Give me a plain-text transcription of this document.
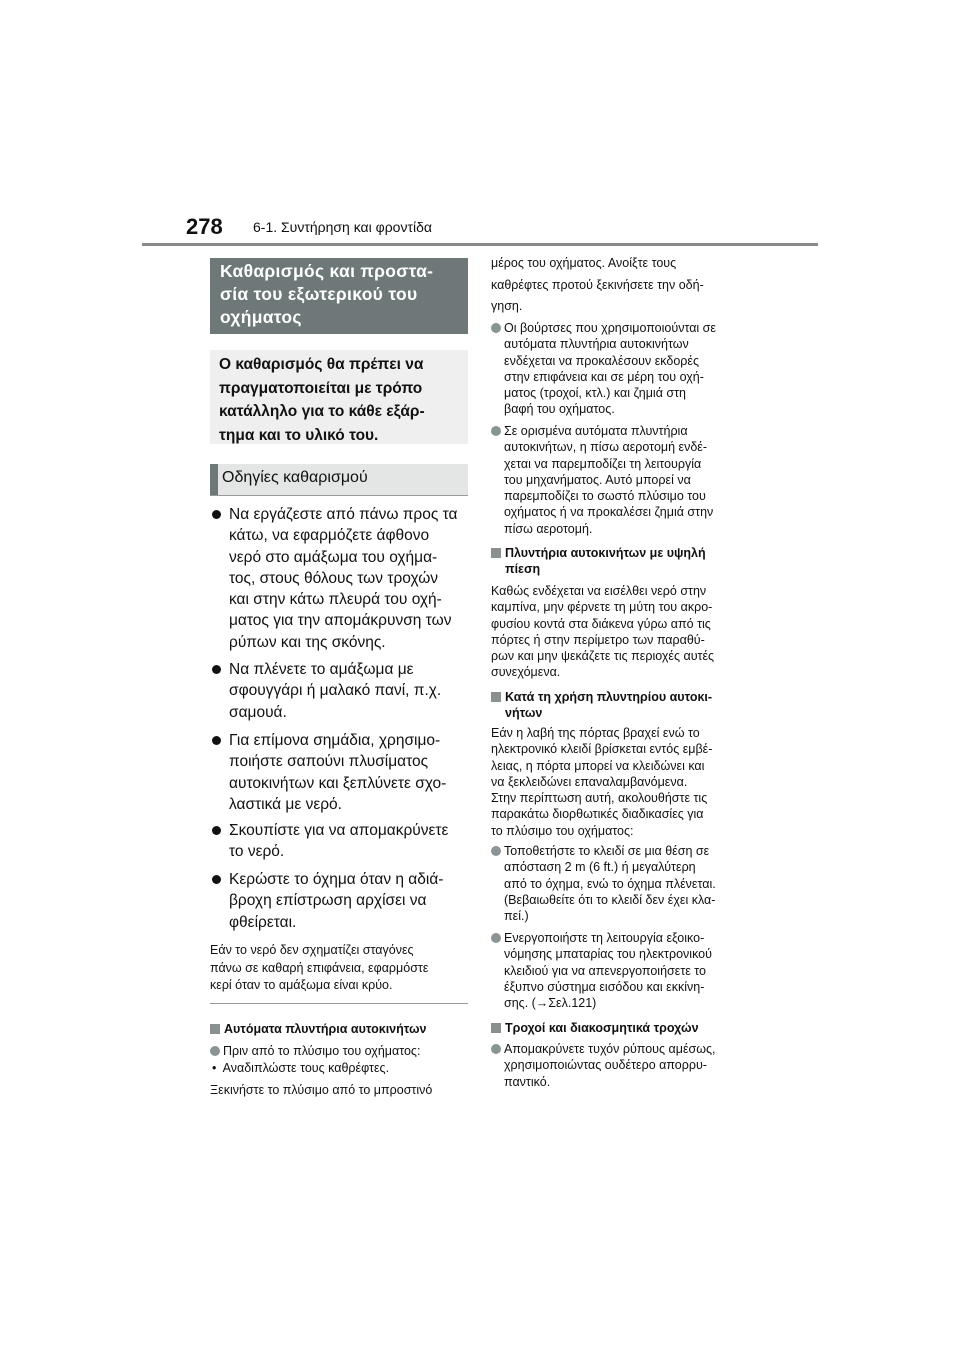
278 6-1. Συντήρηση και φροντίδα
Καθαρισμός και προστα-
σία του εξωτερικού του
οχήματος
Ο καθαρισμός θα πρέπει να
πραγματοποιείται με τρόπο
κατάλληλο για το κάθε εξάρ-
τημα και το υλικό του.
Οδηγίες καθαρισμού
Να εργάζεστε από πάνω προς τα
κάτω, να εφαρμόζετε άφθονο
νερό στο αμάξωμα του οχήμα-
τος, στους θόλους των τροχών
και στην κάτω πλευρά του οχή-
ματος για την απομάκρυνση των
ρύπων και της σκόνης.
Να πλένετε το αμάξωμα με
σφουγγάρι ή μαλακό πανί, π.χ.
σαμουά.
Για επίμονα σημάδια, χρησιμο-
ποιήστε σαπούνι πλυσίματος
αυτοκινήτων και ξεπλύνετε σχο-
λαστικά με νερό.
Σκουπίστε για να απομακρύνετε
το νερό.
Κερώστε το όχημα όταν η αδιά-
βροχη επίστρωση αρχίσει να
φθείρεται.
Εάν το νερό δεν σχηματίζει σταγόνες
πάνω σε καθαρή επιφάνεια, εφαρμόστε
κερί όταν το αμάξωμα είναι κρύο.
Αυτόματα πλυντήρια αυτοκινήτων
Πριν από το πλύσιμο του οχήματος:
•  Αναδιπλώστε τους καθρέφτες.
Ξεκινήστε το πλύσιμο από το μπροστινό
μέρος του οχήματος. Ανοίξτε τους
καθρέφτες προτού ξεκινήσετε την οδή-
γηση.
Οι βούρτσες που χρησιμοποιούνται σε
αυτόματα πλυντήρια αυτοκινήτων
ενδέχεται να προκαλέσουν εκδορές
στην επιφάνεια και σε μέρη του οχή-
ματος (τροχοί, κτλ.) και ζημιά στη
βαφή του οχήματος.
Σε ορισμένα αυτόματα πλυντήρια
αυτοκινήτων, η πίσω αεροτομή ενδέ-
χεται να παρεμποδίζει τη λειτουργία
του μηχανήματος. Αυτό μπορεί να
παρεμποδίζει το σωστό πλύσιμο του
οχήματος ή να προκαλέσει ζημιά στην
πίσω αεροτομή.
Πλυντήρια αυτοκινήτων με υψηλή
πίεση
Καθώς ενδέχεται να εισέλθει νερό στην
καμπίνα, μην φέρνετε τη μύτη του ακρο-
φυσίου κοντά στα διάκενα γύρω από τις
πόρτες ή στην περίμετρο των παραθύ-
ρων και μην ψεκάζετε τις περιοχές αυτές
συνεχόμενα.
Κατά τη χρήση πλυντηρίου αυτοκι-
νήτων
Εάν η λαβή της πόρτας βραχεί ενώ το
ηλεκτρονικό κλειδί βρίσκεται εντός εμβέ-
λειας, η πόρτα μπορεί να κλειδώνει και
να ξεκλειδώνει επαναλαμβανόμενα.
Στην περίπτωση αυτή, ακολουθήστε τις
παρακάτω διορθωτικές διαδικασίες για
το πλύσιμο του οχήματος:
Τοποθετήστε το κλειδί σε μια θέση σε
απόσταση 2 m (6 ft.) ή μεγαλύτερη
από το όχημα, ενώ το όχημα πλένεται.
(Βεβαιωθείτε ότι το κλειδί δεν έχει κλα-
πεί.)
Ενεργοποιήστε τη λειτουργία εξοικο-
νόμησης μπαταρίας του ηλεκτρονικού
κλειδιού για να απενεργοποιήσετε το
έξυπνο σύστημα εισόδου και εκκίνη-
σης. (→Σελ.121)
Τροχοί και διακοσμητικά τροχών
Απομακρύνετε τυχόν ρύπους αμέσως,
χρησιμοποιώντας ουδέτερο απορρυ-
παντικό.
